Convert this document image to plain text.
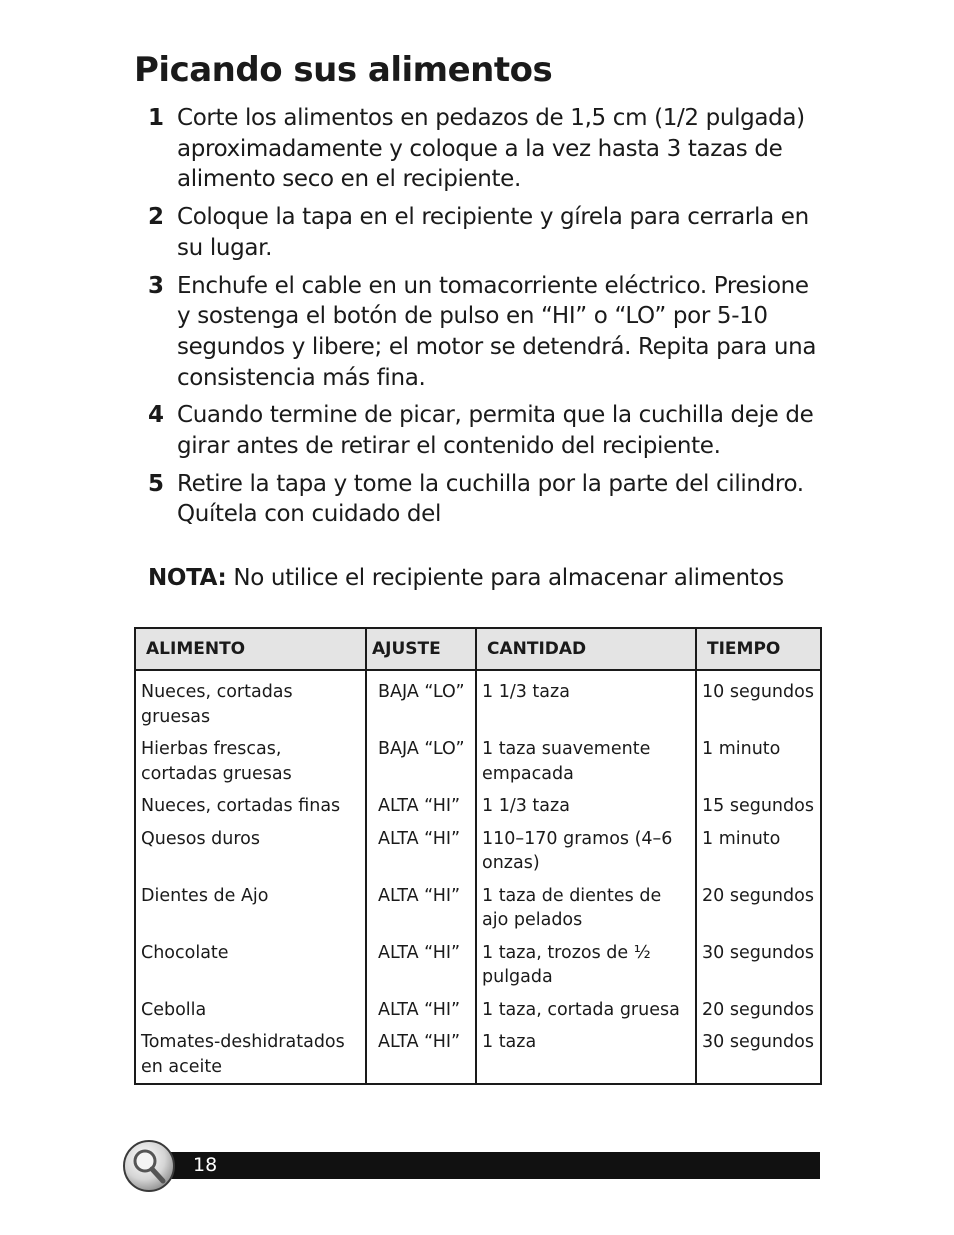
Picando sus alimentos
1 Corte los alimentos en pedazos de 1,5 cm (1/2 pulgada) aproximadamente y coloque a la vez hasta 3 tazas de alimento seco en el recipiente.
2 Coloque la tapa en el recipiente y gírela para cerrarla en su lugar.
3 Enchufe el cable en un tomacorriente eléctrico. Presione y sostenga el botón de pulso en “HI” o “LO” por 5-10 segundos y libere; el motor se detendrá. Repita para una consistencia más fina.
4 Cuando termine de picar, permita que la cuchilla deje de girar antes de retirar el contenido del recipiente.
5 Retire la tapa y tome la cuchilla por la parte del cilindro. Quítela con cuidado del
NOTA: No utilice el recipiente para almacenar alimentos
ALIMENTO	AJUSTE	CANTIDAD	TIEMPO
Nueces, cortadas gruesas	BAJA “LO”	1 1/3 taza	10 segundos
Hierbas frescas, cortadas gruesas	BAJA “LO”	1 taza suavemente empacada	1 minuto
Nueces, cortadas finas	ALTA “HI”	1 1/3 taza	15 segundos
Quesos duros	ALTA “HI”	110–170 gramos (4–6 onzas)	1 minuto
Dientes de Ajo	ALTA “HI”	1 taza de dientes de ajo pelados	20 segundos
Chocolate	ALTA “HI”	1 taza, trozos de ½ pulgada	30 segundos
Cebolla	ALTA “HI”	1 taza, cortada gruesa	20 segundos
Tomates-deshidratados en aceite	ALTA “HI”	1 taza	30 segundos
18
